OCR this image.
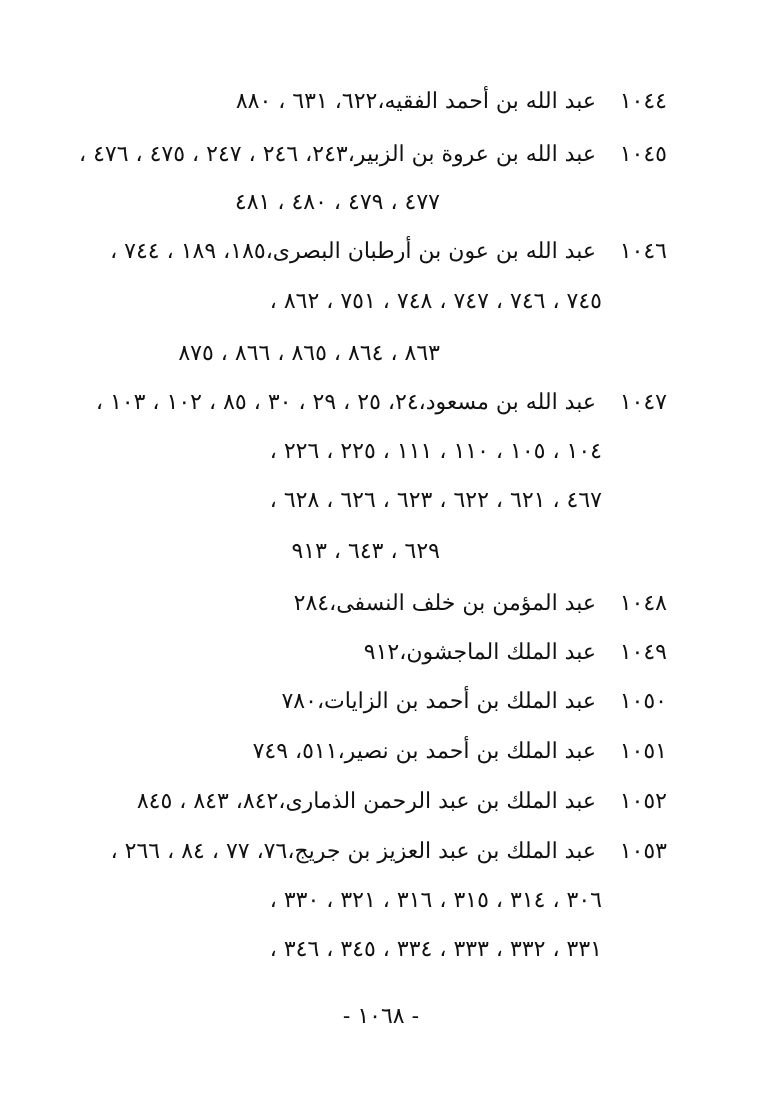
١٠٤٤ عبد الله بن أحمد الفقيه،٦٢٢، ٦٣١ ، ٨٨٠
١٠٤٥ عبد الله بن عروة بن الزبير،٢٤٣، ٢٤٦ ، ٢٤٧ ، ٤٧٥ ، ٤٧٦ ،
٤٧٧ ، ٤٧٩ ، ٤٨٠ ، ٤٨١
١٠٤٦ عبد الله بن عون بن أرطبان البصرى،١٨٥، ١٨٩ ، ٧٤٤ ،
٧٤٥ ، ٧٤٦ ، ٧٤٧ ، ٧٤٨ ، ٧٥١ ، ٨٦٢ ،
٨٦٣ ، ٨٦٤ ، ٨٦٥ ، ٨٦٦ ، ٨٧٥
١٠٤٧ عبد الله بن مسعود،٢٤، ٢٥ ، ٢٩ ، ٣٠ ، ٨٥ ، ١٠٢ ، ١٠٣ ،
١٠٤ ، ١٠٥ ، ١١٠ ، ١١١ ، ٢٢٥ ، ٢٢٦ ،
٤٦٧ ، ٦٢١ ، ٦٢٢ ، ٦٢٣ ، ٦٢٦ ، ٦٢٨ ،
٦٢٩ ، ٦٤٣ ، ٩١٣
١٠٤٨ عبد المؤمن بن خلف النسفى،٢٨٤
١٠٤٩ عبد الملك الماجشون،٩١٢
١٠٥٠ عبد الملك بن أحمد بن الزايات،٧٨٠
١٠٥١ عبد الملك بن أحمد بن نصير،٥١١، ٧٤٩
١٠٥٢ عبد الملك بن عبد الرحمن الذمارى،٨٤٢، ٨٤٣ ، ٨٤٥
١٠٥٣ عبد الملك بن عبد العزيز بن جريج،٧٦، ٧٧ ، ٨٤ ، ٢٦٦ ،
٣٠٦ ، ٣١٤ ، ٣١٥ ، ٣١٦ ، ٣٢١ ، ٣٣٠ ،
٣٣١ ، ٣٣٢ ، ٣٣٣ ، ٣٣٤ ، ٣٤٥ ، ٣٤٦ ،
- ١٠٦٨ -
